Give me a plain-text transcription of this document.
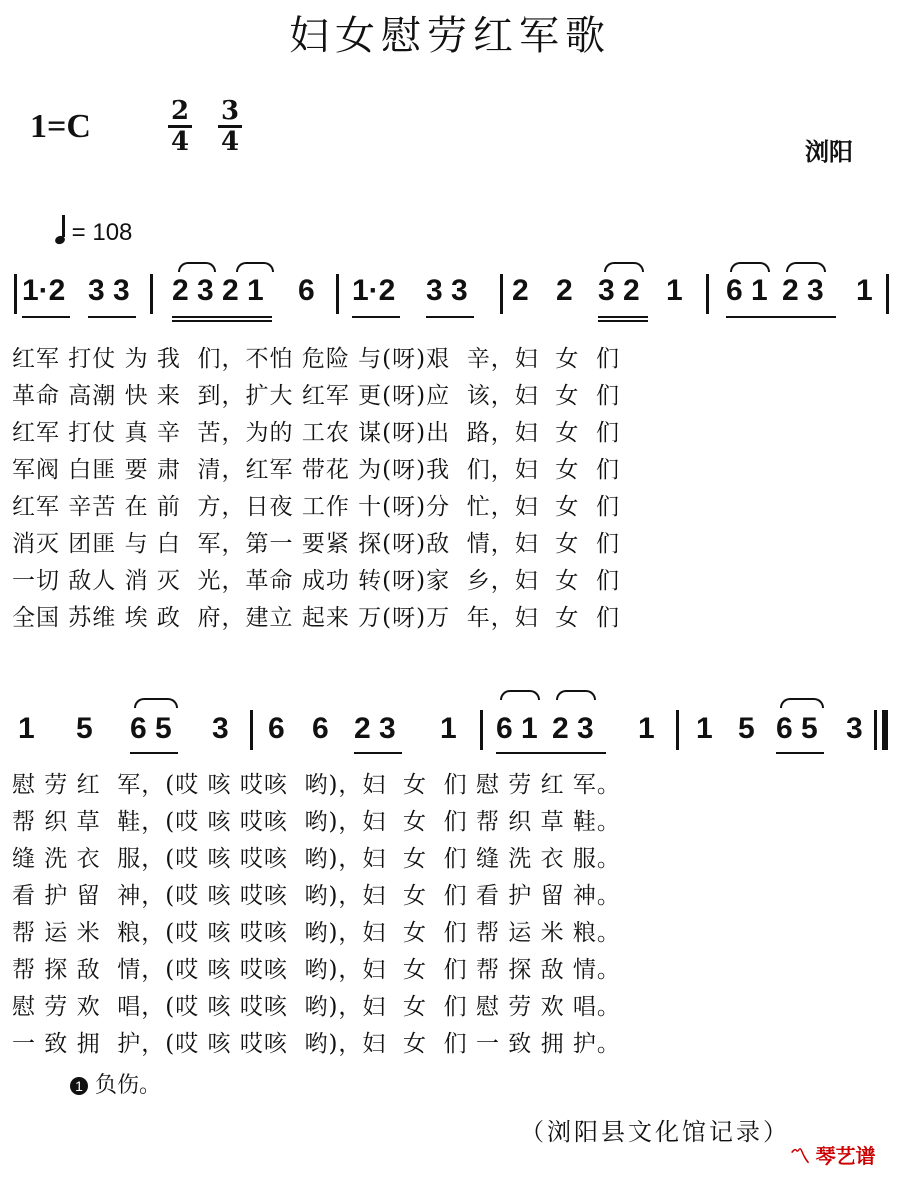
妇女慰劳红军歌
1=C	2
4
3
4	浏阳
= 108
1·2 3 3 2 3 2 1 6 1·2 3 3 2 2 3 2 1 6 1 2 3 1
红军 打仗 为 我  们，不怕 危险 与(呀)艰  辛，妇  女  们
革命 高潮 快 来  到，扩大 红军 更(呀)应  该，妇  女  们
红军 打仗 真 辛  苦，为的 工农 谋(呀)出  路，妇  女  们
军阀 白匪 要 肃  清，红军 带花 为(呀)我  们，妇  女  们
红军 辛苦 在 前  方，日夜 工作 十(呀)分  忙，妇  女  们
消灭 团匪 与 白  军，第一 要紧 探(呀)敌  情，妇  女  们
一切 敌人 消 灭  光，革命 成功 转(呀)家  乡，妇  女  们
全国 苏维 埃 政  府，建立 起来 万(呀)万  年，妇  女  们
1 5 6 5 3 6 6 2 3 1 6 1 2 3 1 1 5 6 5 3
慰 劳 红  军，(哎 咳 哎咳  哟)，妇  女  们 慰 劳 红 军。
帮 织 草  鞋，(哎 咳 哎咳  哟)，妇  女  们 帮 织 草 鞋。
缝 洗 衣  服，(哎 咳 哎咳  哟)，妇  女  们 缝 洗 衣 服。
看 护 留  神，(哎 咳 哎咳  哟)，妇  女  们 看 护 留 神。
帮 运 米  粮，(哎 咳 哎咳  哟)，妇  女  们 帮 运 米 粮。
帮 探 敌  情，(哎 咳 哎咳  哟)，妇  女  们 帮 探 敌 情。
慰 劳 欢  唱，(哎 咳 哎咳  哟)，妇  女  们 慰 劳 欢 唱。
一 致 拥  护，(哎 咳 哎咳  哟)，妇  女  们 一 致 拥 护。
1 负伤。
（浏阳县文化馆记录）
〽 琴艺谱
